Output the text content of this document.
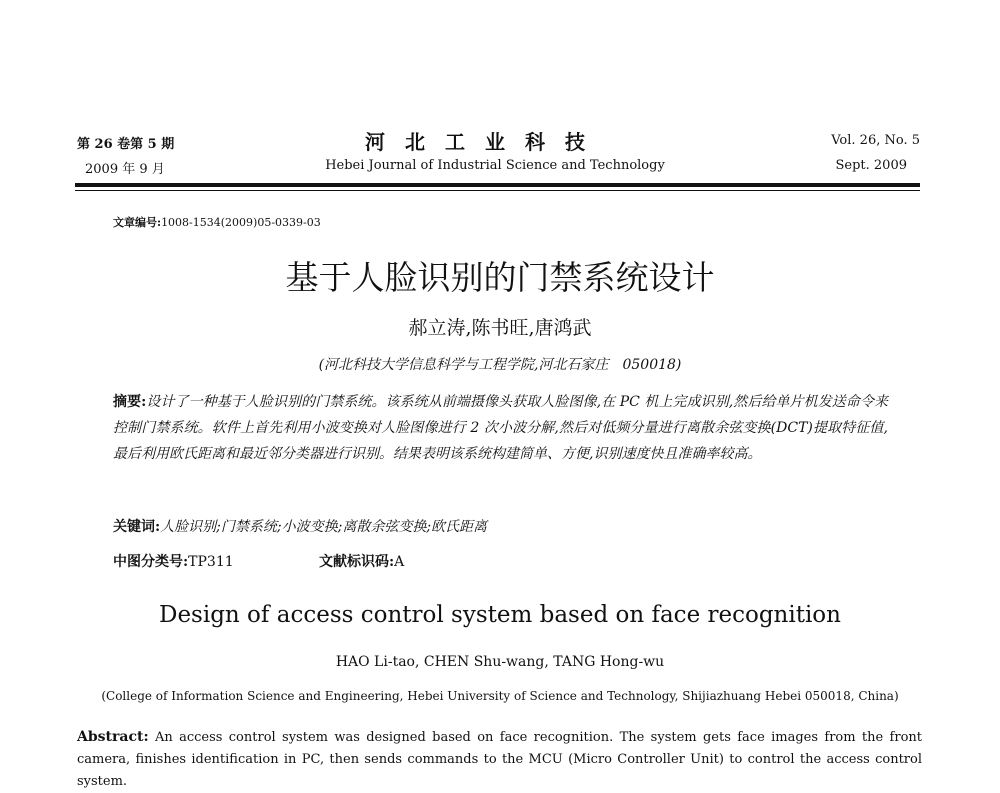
第 26 卷第 5 期
2009 年 9 月
河北工业科技
Hebei Journal of Industrial Science and Technology
Vol. 26, No. 5
Sept. 2009
文章编号:1008-1534(2009)05-0339-03
基于人脸识别的门禁系统设计
郝立涛,陈书旺,唐鸿武
(河北科技大学信息科学与工程学院,河北石家庄　050018)
摘要:设计了一种基于人脸识别的门禁系统。该系统从前端摄像头获取人脸图像,在 PC 机上完成识别,然后给单片机发送命令来控制门禁系统。软件上首先利用小波变换对人脸图像进行 2 次小波分解,然后对低频分量进行离散余弦变换(DCT)提取特征值,最后利用欧氏距离和最近邻分类器进行识别。结果表明该系统构建简单、方便,识别速度快且准确率较高。
关键词:人脸识别;门禁系统;小波变换;离散余弦变换;欧氏距离
中图分类号:TP311	文献标识码:A
Design of access control system based on face recognition
HAO Li-tao, CHEN Shu-wang, TANG Hong-wu
(College of Information Science and Engineering, Hebei University of Science and Technology, Shijiazhuang Hebei 050018, China)
Abstract: An access control system was designed based on face recognition. The system gets face images from the front camera, finishes identification in PC, then sends commands to the MCU (Micro Controller Unit) to control the access control system.
